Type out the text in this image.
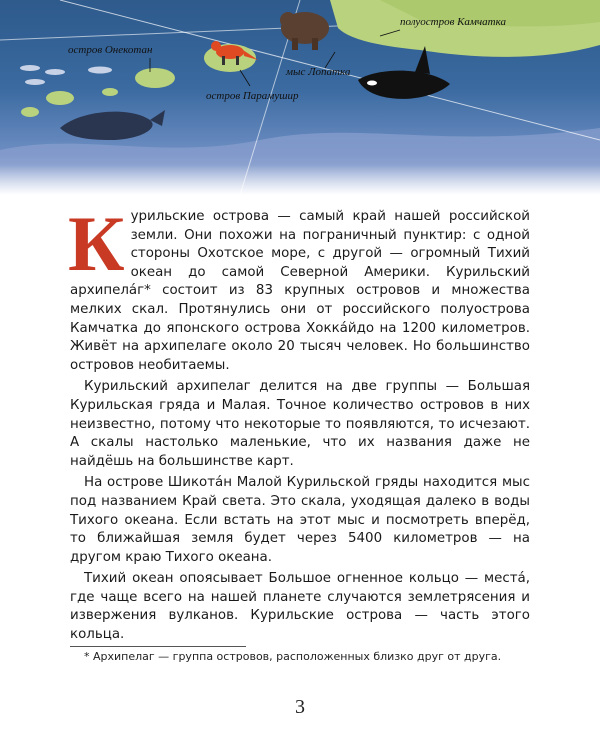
остров Онекотан
остров Парамушир
мыс Лопатка
полуостров Камчатка

Курильские острова — самый край нашей российской земли. Они похожи на пограничный пунктир: с одной стороны Охотское море, с другой — огромный Тихий океан до самой Северной Америки. Курильский архипела́г* состоит из 83 крупных островов и множества мелких скал. Протянулись они от российского полуострова Камчатка до японского острова Хокка́йдо на 1200 километров. Живёт на архипелаге около 20 тысяч человек. Но большинство островов необитаемы.

Курильский архипелаг делится на две группы — Большая Курильская гряда и Малая. Точное количество островов в них неизвестно, потому что некоторые то появляются, то исчезают. А скалы настолько маленькие, что их названия даже не найдёшь на большинстве карт.

На острове Шикота́н Малой Курильской гряды находится мыс под названием Край света. Это скала, уходящая далеко в воды Тихого океана. Если встать на этот мыс и посмотреть вперёд, то ближайшая земля будет через 5400 километров — на другом краю Тихого океана.

Тихий океан опоясывает Большое огненное кольцо — места́, где чаще всего на нашей планете случаются землетрясения и извержения вулканов. Курильские острова — часть этого кольца.

* Архипелаг — группа островов, расположенных близко друг от друга.
3
